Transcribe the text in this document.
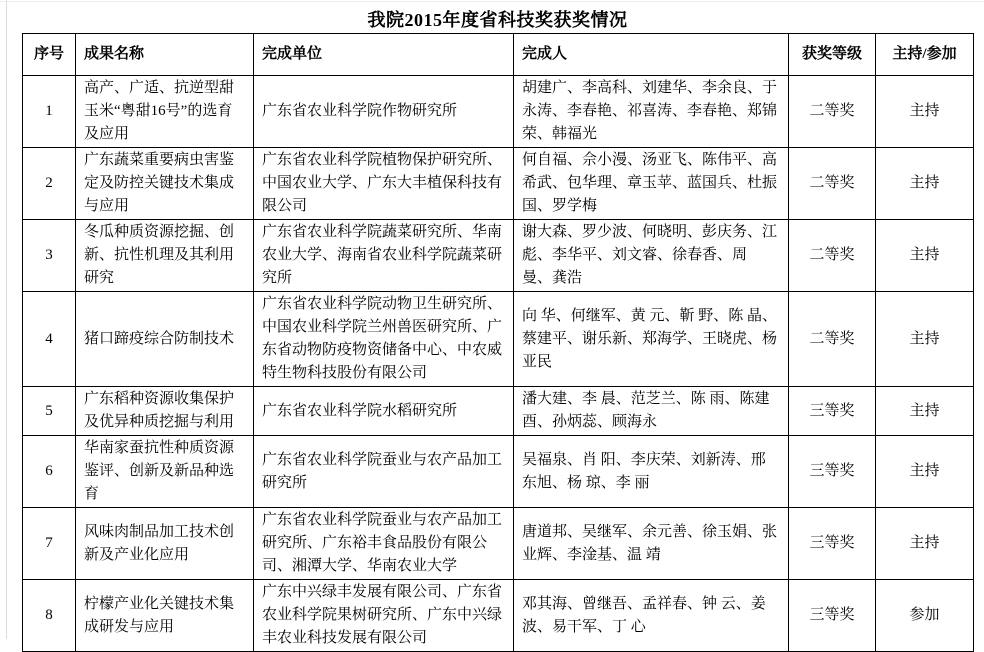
我院2015年度省科技奖获奖情况
序号	成果名称	完成单位	完成人	获奖等级	主持/参加
1	高产、广适、抗逆型甜玉米“粤甜16号”的选育及应用	广东省农业科学院作物研究所	胡建广、李高科、刘建华、李余良、于永涛、李春艳、祁喜涛、李春艳、郑锦荣、韩福光	二等奖	主持
2	广东蔬菜重要病虫害鉴定及防控关键技术集成与应用	广东省农业科学院植物保护研究所、 中国农业大学、广东大丰植保科技有限公司	何自福、佘小漫、汤亚飞、陈伟平、高希武、包华理、章玉苹、蓝国兵、杜振国、罗学梅	二等奖	主持
3	冬瓜种质资源挖掘、创新、抗性机理及其利用研究	广东省农业科学院蔬菜研究所、华南农业大学、海南省农业科学院蔬菜研究所	谢大森、罗少波、何晓明、彭庆务、江彪、李华平、刘文睿、徐春香、周 曼、龚浩	二等奖	主持
4	猪口蹄疫综合防制技术	广东省农业科学院动物卫生研究所、中国农业科学院兰州兽医研究所、广东省动物防疫物资储备中心、中农威特生物科技股份有限公司	向 华、何继军、黄 元、靳 野、陈 晶、蔡建平、谢乐新、郑海学、王晓虎、杨亚民	二等奖	主持
5	广东稻种资源收集保护及优异种质挖掘与利用	广东省农业科学院水稻研究所	潘大建、李 晨、范芝兰、陈 雨、陈建酉、孙炳蕊、顾海永	三等奖	主持
6	华南家蚕抗性种质资源鉴评、创新及新品种选育	广东省农业科学院蚕业与农产品加工研究所	吴福泉、肖 阳、李庆荣、刘新涛、邢东旭、杨 琼、李 丽	三等奖	主持
7	风味肉制品加工技术创新及产业化应用	广东省农业科学院蚕业与农产品加工研究所、广东裕丰食品股份有限公司、湘潭大学、华南农业大学	唐道邦、吴继军、余元善、徐玉娟、张业辉、李淦基、温 靖	三等奖	主持
8	柠檬产业化关键技术集成研发与应用	广东中兴绿丰发展有限公司、广东省农业科学院果树研究所、广东中兴绿丰农业科技发展有限公司	邓其海、曾继吾、孟祥春、钟 云、姜波、易干军、丁 心	三等奖	参加
